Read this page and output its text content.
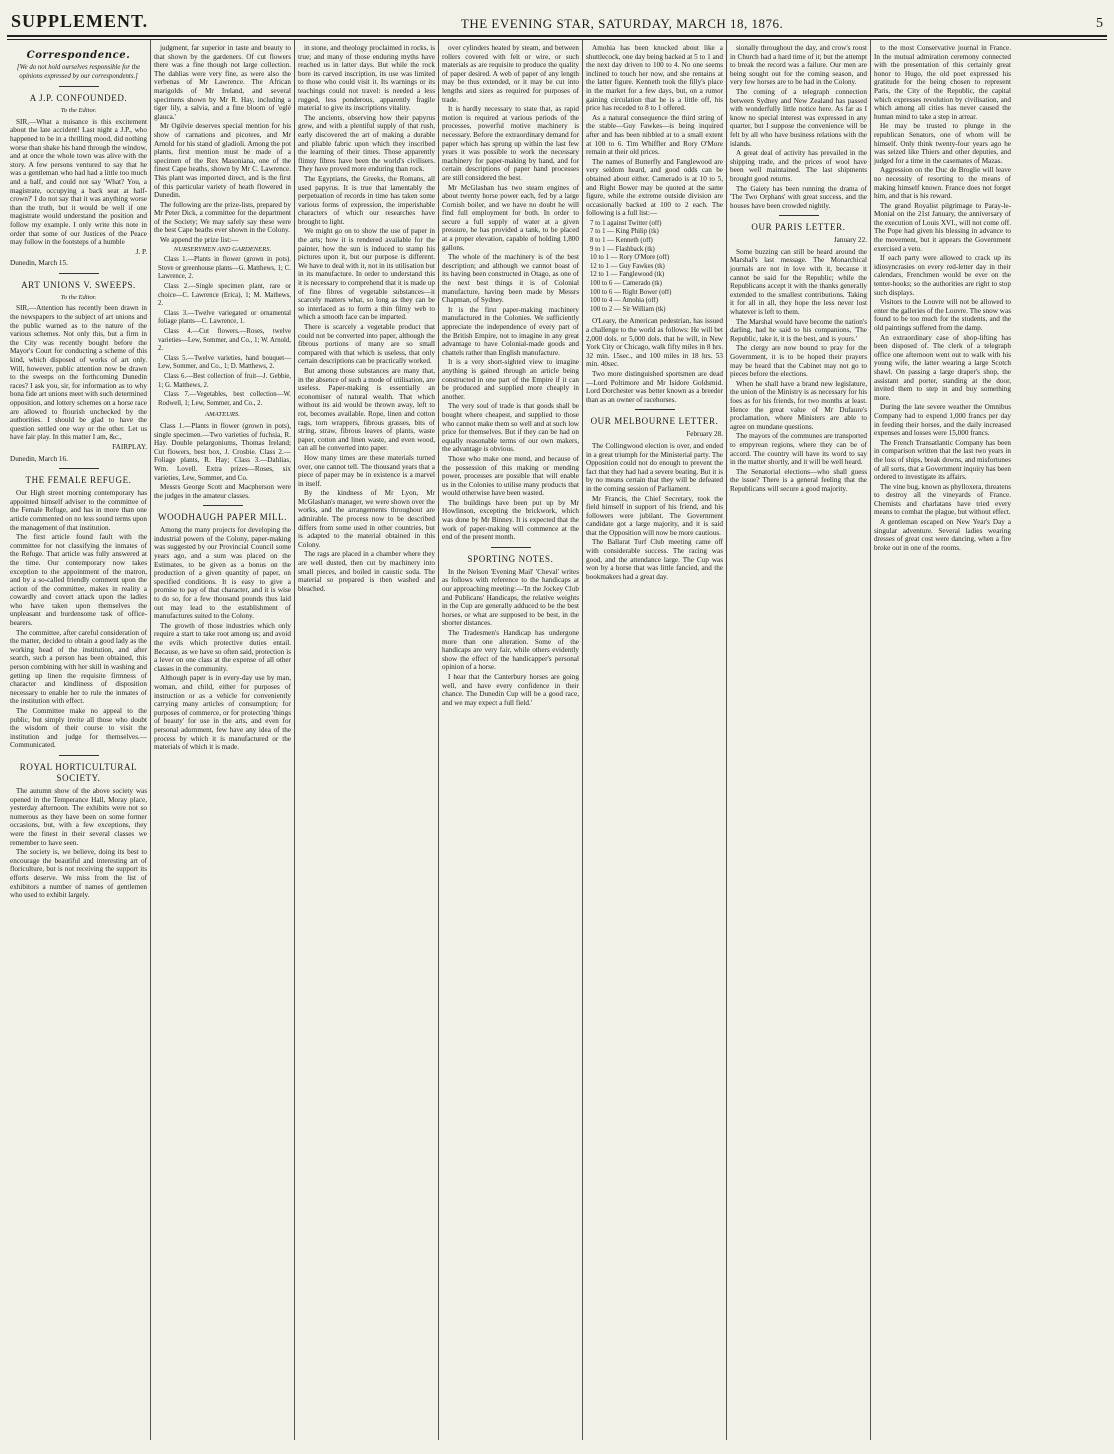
SUPPLEMENT.	THE EVENING STAR, SATURDAY, MARCH 18, 1876.	5
Correspondence.
[We do not hold ourselves responsible for the opinions expressed by our correspondents.]
A J.P. CONFOUNDED.
To the Editor.

SIR,—What a nuisance is this excitement about the late accident! Last night a J.P., who happened to be in a thrilling mood, did nothing worse than shake his hand through the window, and at once the whole town was alive with the story. A few persons ventured to say that he was a gentleman who had had a little too much and a half, and could not say 'What? You, a magistrate, occupying a back seat at half-crown?' I do not say that it was anything worse than the truth, but it would be well if one magistrate would understand the position and follow my example. I only write this note in order that some of our Justices of the Peace may follow in the footsteps of a humble

J. P.
Dunedin, March 15.
ART UNIONS V. SWEEPS.
To the Editor.

SIR,—Attention has recently been drawn in the newspapers to the subject of art unions and the public warned as to the nature of the various schemes. Not only this, but a firm in the City was recently bought before the Mayor's Court for conducting a scheme of this kind, which disposed of works of art only. Will, however, public attention now be drawn to the sweeps on the forthcoming Dunedin races? I ask you, sir, for information as to why bona fide art unions meet with such determined opposition, and lottery schemes on a horse race are allowed to flourish unchecked by the authorities. I should be glad to have the question settled one way or the other. Let us have fair play. In this matter I am, &c.,

FAIRPLAY.
Dunedin, March 16.
THE FEMALE REFUGE.

Our High street morning contemporary has appointed himself adviser to the committee of the Female Refuge, and has in more than one article commented on no less sound terms upon the management of that institution.

The first article found fault with the committee for not classifying the inmates of the Refuge. That article was fully answered at the time. Our contemporary now takes exception to the appointment of the matron, and by a so-called friendly comment upon the action of the committee, makes in reality a cowardly and covert attack upon the ladies who have taken upon themselves the unpleasant and burdensome task of office-bearers.

The committee, after careful consideration of the matter, decided to obtain a good lady as the working head of the institution, and after search, such a person has been obtained, this person combining with her skill in washing and getting up linen the requisite firmness of character and kindliness of disposition necessary to enable her to rule the inmates of the institution with effect.

The Committee make no appeal to the public, but simply invite all those who doubt the wisdom of their course to visit the institution and judge for themselves.—Communicated.

ROYAL HORTICULTURAL SOCIETY.

The autumn show of the above society was opened in the Temperance Hall, Moray place, yesterday afternoon. The exhibits were not so numerous as they have been on some former occasions, but, with a few exceptions, they were the finest in their several classes we remember to have seen.

The society is, we believe, doing its best to encourage the beautiful and interesting art of floriculture, but is not receiving the support its efforts deserve. We miss from the list of exhibitors a number of names of gentlemen who used to exhibit largely.

judgment, far superior in taste and beauty to that shown by the gardeners. Of cut flowers there was a fine though not large collection. The dahlias were very fine, as were also the verbenas of Mr Lawrence. The African marigolds of Mr Ireland, and several specimens shown by Mr R. Hay, including a tiger lily, a salvia, and a fine bloom of 'eglé glauca.'

Mr Ogilvie deserves special mention for his show of carnations and picotees, and Mr Arnold for his stand of gladioli. Among the pot plants, first mention must be made of a specimen of the Rex Masoniana, one of the finest Cape heaths, shown by Mr C. Lawrence. This plant was imported direct, and is the first of this particular variety of heath flowered in Dunedin.

The following are the prize-lists, prepared by Mr Peter Dick, a committee for the department of the Society; We may safely say these were the best Cape heaths ever shown in the Colony.

We append the prize list:—

NURSERYMEN AND GARDENERS.

Class 1.—Plants in flower (grown in pots). Stove or greenhouse plants—G. Matthews, 1; C. Lawrence, 2.

Class 2.—Single specimen plant, rare or choice—C. Lawrence (Erica), 1; M. Mathews, 2.

Class 3.—Twelve variegated or ornamental foliage plants—C. Lawrence, 1.

Class 4.—Cut flowers.—Roses, twelve varieties—Lew, Sommer, and Co., 1; W. Arnold, 2.

Class 5.—Twelve varieties, hand bouquet—Lew, Sommer, and Co., 1; D. Matthews, 2.

Class 6.—Best collection of fruit—J. Gebbie, 1; G. Matthews, 2.

Class 7.—Vegetables, best collection—W. Rodwell, 1; Lew, Sommer, and Co., 2.

AMATEURS.

Class 1.—Plants in flower (grown in pots), single specimen.—Two varieties of fuchsia, R. Hay. Double pelargoniums, Thomas Ireland; Cut flowers, best box, J. Crosbie. Class 2.—Foliage plants, R. Hay; Class 3.—Dahlias, Wm. Lovell. Extra prizes—Roses, six varieties, Lew, Sommer, and Co.

Messrs George Scott and Macpherson were the judges in the amateur classes.

WOODHAUGH PAPER MILL.

Among the many projects for developing the industrial powers of the Colony, paper-making was suggested by our Provincial Council some years ago, and a sum was placed on the Estimates, to be given as a bonus on the production of a given quantity of paper, on specified conditions. It is easy to give a promise to pay of that character, and it is wise to do so, for a few thousand pounds thus laid out may lead to the establishment of manufactures suited to the Colony.

The growth of those industries which only require a start to take root among us; and avoid the evils which protective duties entail. Because, as we have so often said, protection is a lever on one class at the expense of all other classes in the community.

Although paper is in every-day use by man, woman, and child, either for purposes of instruction or as a vehicle for conveniently carrying many articles of consumption; for purposes of commerce, or for protecting 'things of beauty' for use in the arts, and even for personal adornment, few have any idea of the process by which it is manufactured or the materials of which it is made.

in stone, and theology proclaimed in rocks, is true; and many of those enduring myths have reached us in latter days. But while the rock bore its carved inscription, its use was limited to those who could visit it. Its warnings or its teachings could not travel: is needed a less rugged, less ponderous, apparently fragile material to give its inscriptions vitality.

The ancients, observing how their papyrus grew, and with a plentiful supply of that rush, early discovered the art of making a durable and pliable fabric upon which they inscribed the learning of their times. Those apparently flimsy fibres have been the world's civilisers. They have proved more enduring than rock.

The Egyptians, the Greeks, the Romans, all used papyrus. It is true that lamentably the perpetuation of records in time has taken some various forms of expression, the imperishable characters of which our researches have brought to light.

We might go on to show the use of paper in the arts; how it is rendered available for the painter, how the sun is induced to stamp his pictures upon it, but our purpose is different. We have to deal with it, not in its utilisation but in its manufacture. In order to understand this it is necessary to comprehend that it is made up of fine fibres of vegetable substances—it scarcely matters what, so long as they can be so interlaced as to form a thin filmy web to which a smooth face can be imparted.

There is scarcely a vegetable product that could not be converted into paper, although the fibrous portions of many are so small compared with that which is useless, that only certain descriptions can be practically worked.

But among those substances are many that, in the absence of such a mode of utilisation, are useless. Paper-making is essentially an economiser of natural wealth. That which without its aid would be thrown away, left to rot, becomes available. Rope, linen and cotton rags, torn wrappers, fibrous grasses, bits of string, straw, fibrous leaves of plants, waste paper, cotton and linen waste, and even wood, can all be converted into paper.

How many times are these materials turned over, one cannot tell. The thousand years that a piece of paper may be in existence is a marvel in itself.

By the kindness of Mr Lyon, Mr McGlashan's manager, we were shown over the works, and the arrangements throughout are admirable. The process now to be described differs from some used in other countries, but is adapted to the material obtained in this Colony.

The rags are placed in a chamber where they are well dusted, then cut by machinery into small pieces, and boiled in caustic soda. The material so prepared is then washed and bleached.

over cylinders heated by steam, and between rollers covered with felt or wire, or such materials as are requisite to produce the quality of paper desired. A web of paper of any length may be thus extended, or it may be cut into lengths and sizes as required for purposes of trade.

It is hardly necessary to state that, as rapid motion is required at various periods of the processes, powerful motive machinery is necessary. Before the extraordinary demand for paper which has sprung up within the last few years it was possible to work the necessary machinery for paper-making by hand, and for certain descriptions of paper hand processes are still considered the best.

Mr McGlashan has two steam engines of about twenty horse power each, fed by a large Cornish boiler, and we have no doubt he will find full employment for both. In order to secure a full supply of water at a given pressure, he has provided a tank, to be placed at a proper elevation, capable of holding 1,800 gallons.

The whole of the machinery is of the best description; and although we cannot boast of its having been constructed in Otago, as one of the next best things it is of Colonial manufacture, having been made by Messrs Chapman, of Sydney.

It is the first paper-making machinery manufactured in the Colonies. We sufficiently appreciate the independence of every part of the British Empire, not to imagine in any great advantage to have Colonial-made goods and chattels rather than English manufacture.

It is a very short-sighted view to imagine anything is gained through an article being constructed in one part of the Empire if it can be produced and supplied more cheaply in another.

The very soul of trade is that goods shall be bought where cheapest, and supplied to those who cannot make them so well and at such low price for themselves. But if they can be had on equally reasonable terms of our own makers, the advantage is obvious.

Those who make one mend, and because of the possession of this making or mending power, processes are possible that will enable us in the Colonies to utilise many products that would otherwise have been wasted.

The buildings have been put up by Mr Howlinson, excepting the brickwork, which was done by Mr Binney. It is expected that the work of paper-making will commence at the end of the present month.

SPORTING NOTES.

In the Nelson 'Evening Mail' 'Cheval' writes as follows with reference to the handicaps at our approaching meeting:—'In the Jockey Club and Publicans' Handicaps, the relative weights in the Cup are generally adduced to be the best horses, or what are supposed to be best, in the shorter distances.

The Tradesmen's Handicap has undergone more than one alteration. Some of the handicaps are very fair, while others evidently show the effect of the handicapper's personal opinion of a horse.

I hear that the Canterbury horses are going well, and have every confidence in their chance. The Dunedin Cup will be a good race, and we may expect a full field.'

Amohia has been knocked about like a shuttlecock, one day being backed at 5 to 1 and the next day driven to 100 to 4. No one seems inclined to touch her now, and she remains at the latter figure. Kenneth took the filly's place in the market for a few days, but, on a rumor gaining circulation that he is a little off, his price has receded to 8 to 1 offered.

As a natural consequence the third string of the stable—Guy Fawkes—is being inquired after and has been nibbled at to a small extent at 100 to 6. Tim Whiffler and Rory O'More remain at their old prices.

The names of Butterfly and Fanglewood are very seldom heard, and good odds can be obtained about either. Camerado is at 10 to 5, and Right Bower may be quoted at the same figure, while the extreme outside division are occasionally backed at 100 to 2 each. The following is a full list:—

7 to 1 against Twitter (off)
7 to 1 — King Philip (tk)
8 to 1 — Kenneth (off)
9 to 1 — Flashback (tk)
10 to 1 — Rory O'More (off)
12 to 1 — Guy Fawkes (tk)
12 to 1 — Fanglewood (tk)
100 to 6 — Camerado (tk)
100 to 6 — Right Bower (off)
100 to 4 — Amohia (off)
100 to 2 — Sir William (tk)

O'Leary, the American pedestrian, has issued a challenge to the world as follows: He will bet 2,000 dols. or 5,000 dols. that he will, in New York City or Chicago, walk fifty miles in 8 hrs. 32 min. 15sec., and 100 miles in 18 hrs. 53 min. 40sec.

Two more distinguished sportsmen are dead—Lord Poltimore and Mr Isidore Goldsmid. Lord Dorchester was better known as a breeder than as an owner of racehorses.

OUR MELBOURNE LETTER.
February 28.

The Collingwood election is over, and ended in a great triumph for the Ministerial party. The Opposition could not do enough to prevent the fact that they had had a severe beating. But it is by no means certain that they will be defeated in the coming session of Parliament.

Mr Francis, the Chief Secretary, took the field himself in support of his friend, and his followers were jubilant. The Government candidate got a large majority, and it is said that the Opposition will now be more cautious.

The Ballarat Turf Club meeting came off with considerable success. The racing was good, and the attendance large. The Cup was won by a horse that was little fancied, and the bookmakers had a great day.

sionally throughout the day, and crow's roost in Church had a hard time of it; but the attempt to break the record was a failure. Our men are being sought out for the coming season, and very few horses are to be had in the Colony.

The coming of a telegraph connection between Sydney and New Zealand has passed with wonderfully little notice here. As far as I know no special interest was expressed in any quarter, but I suppose the convenience will be felt by all who have business relations with the islands.

A great deal of activity has prevailed in the shipping trade, and the prices of wool have been well maintained. The last shipments brought good returns.

The Gaiety has been running the drama of 'The Two Orphans' with great success, and the houses have been crowded nightly.

OUR PARIS LETTER.
January 22.

Some buzzing can still be heard around the Marshal's last message. The Monarchical journals are not in love with it, because it cannot be said for the Republic; while the Republicans accept it with the thanks generally extended to the smallest contributions. Taking it for all in all, they hope the less never lost whatever is left to them.

The Marshal would have become the nation's darling, had he said to his companions, 'The Republic, take it, it is the best, and is yours.'

The clergy are now bound to pray for the Government, it is to be hoped their prayers may be heard that the Cabinet may not go to pieces before the elections.

When he shall have a brand new legislature, the union of the Ministry is as necessary for his foes as for his friends, for two months at least. Hence the great value of Mr Dufaure's proclamation, where Ministers are able to agree on mundane questions.

The mayors of the communes are transported to empyrean regions, where they can be of accord. The country will have its word to say in the matter shortly, and it will be well heard.

The Senatorial elections—who shall guess the issue? There is a general feeling that the Republicans will secure a good majority.

to the most Conservative journal in France. In the mutual admiration ceremony connected with the presentation of this certainly great honor to Hugo, the old poet expressed his gratitude for the being chosen to represent Paris, the City of the Republic, the capital which expresses revolution by civilisation, and which among all cities has never caused the human mind to take a step in arrear.

He may be trusted to plunge in the republican Senators, one of whom will be himself. Only think twenty-four years ago he was seized like Thiers and other deputies, and judged for a time in the casemates of Mazas.

Aggression on the Duc de Broglie will leave no necessity of resorting to the means of making himself known. France does not forget him, and that is his reward.

The grand Royalist pilgrimage to Paray-le-Monial on the 21st January, the anniversary of the execution of Louis XVI., will not come off. The Pope had given his blessing in advance to the movement, but it appears the Government exercised a veto.

If each party were allowed to crack up its idiosyncrasies on every red-letter day in their calendars, Frenchmen would be ever on the tenter-hooks; so the authorities are right to stop such displays.

Visitors to the Louvre will not be allowed to enter the galleries of the Louvre. The snow was found to be too much for the students, and the old paintings suffered from the damp.

An extraordinary case of shop-lifting has been disposed of. The clerk of a telegraph office one afternoon went out to walk with his young wife, the latter wearing a large Scotch shawl. On passing a large draper's shop, the assistant and porter, standing at the door, invited them to step in and buy something more.

During the late severe weather the Omnibus Company had to expend 1,000 francs per day in feeding their horses, and the daily increased expenses and losses were 15,000 francs.

The French Transatlantic Company has been in comparison written that the last two years in the loss of ships, break downs, and misfortunes of all sorts, that a Government inquiry has been ordered to investigate its affairs.

The vine bug, known as phylloxera, threatens to destroy all the vineyards of France. Chemists and charlatans have tried every means to combat the plague, but without effect.

A gentleman escaped on New Year's Day a singular adventure. Several ladies wearing dresses of great cost were dancing, when a fire broke out in one of the rooms.
